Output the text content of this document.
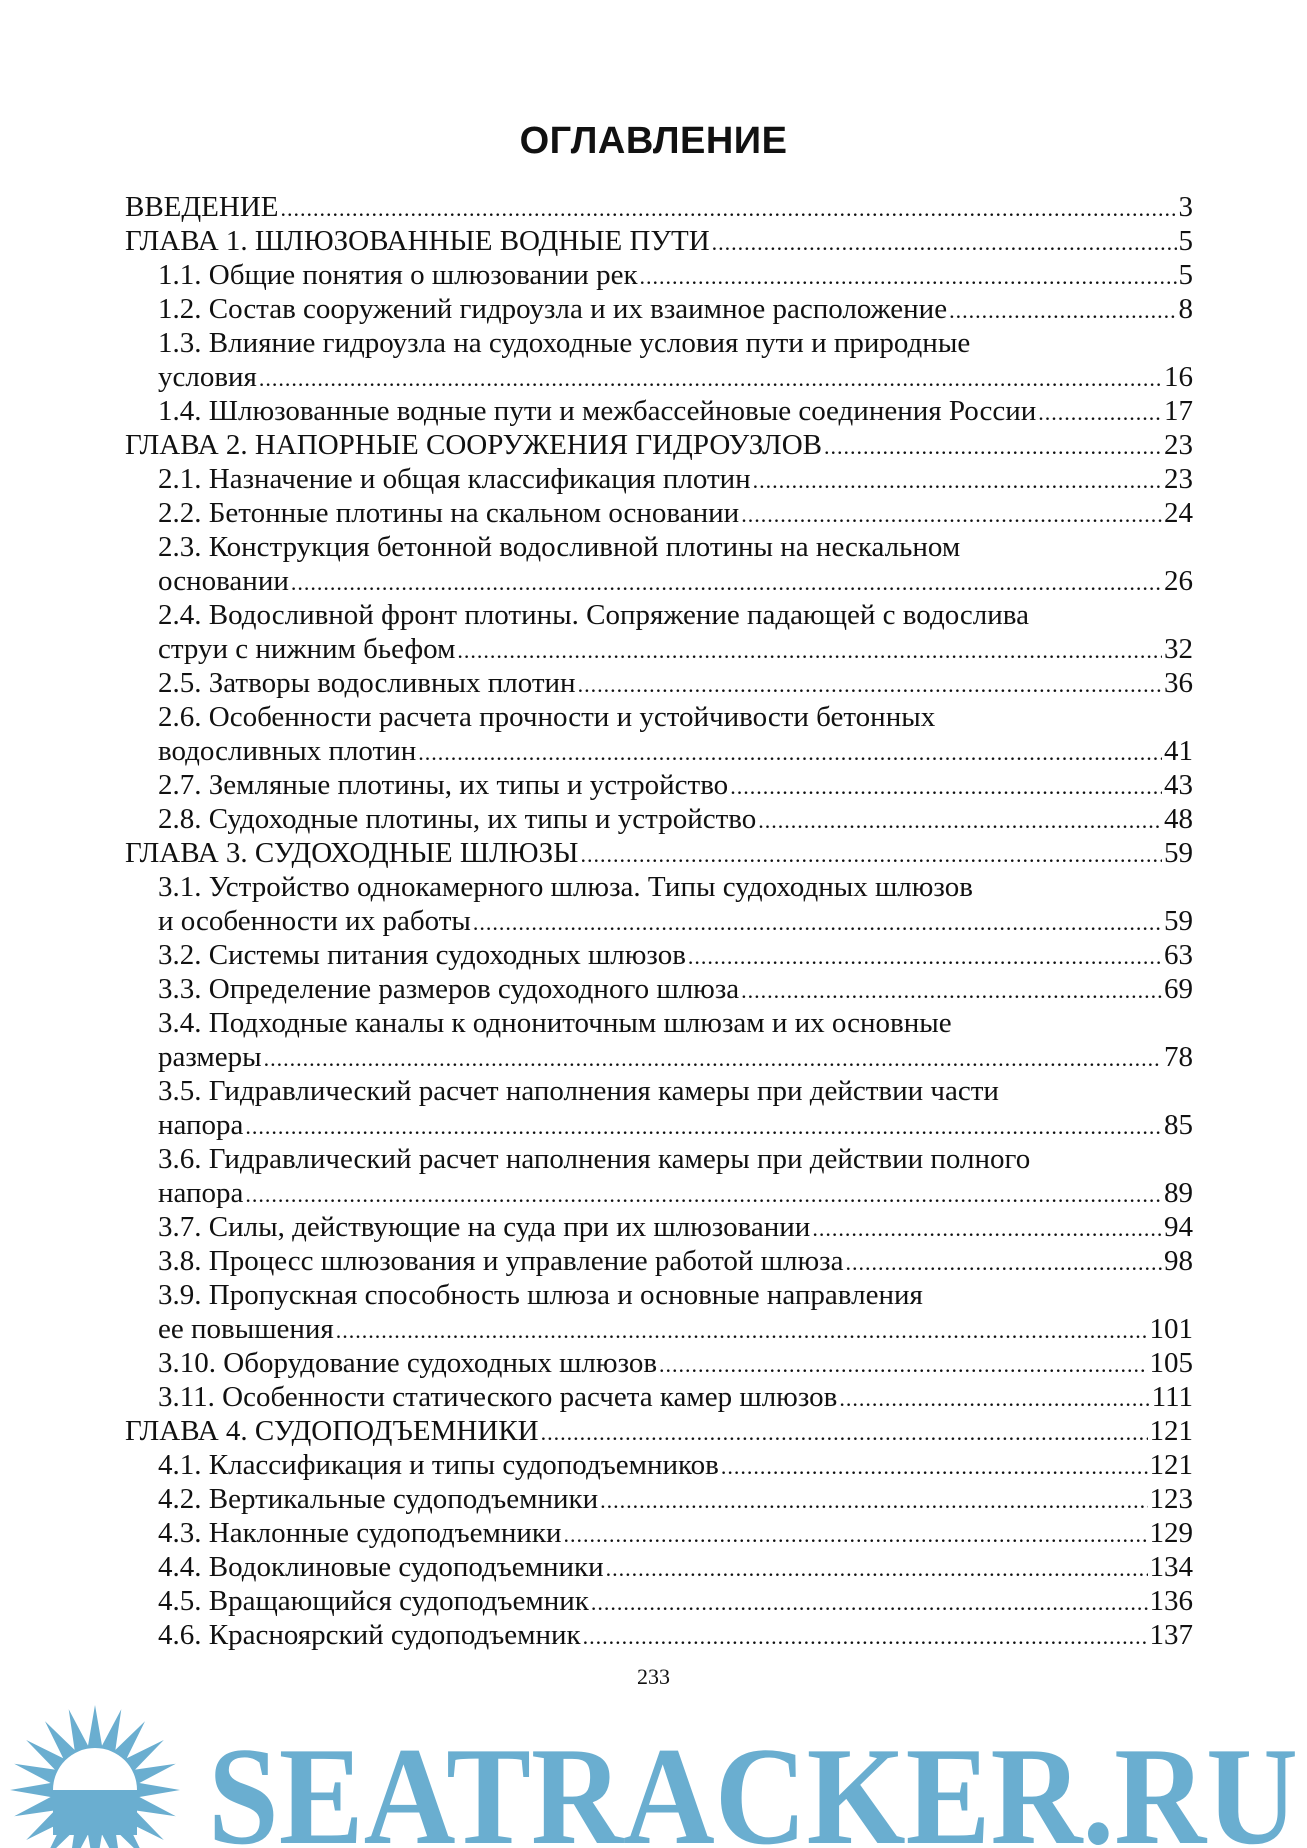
ОГЛАВЛЕНИЕ
ВВЕДЕНИЕ .....	3
ГЛАВА 1. ШЛЮЗОВАННЫЕ ВОДНЫЕ ПУТИ .....	5
1.1. Общие понятия о шлюзовании рек .....	5
1.2. Состав сооружений гидроузла и их взаимное расположение .....	8
1.3. Влияние гидроузла на судоходные условия пути и природные
условия .....	16
1.4. Шлюзованные водные пути и межбассейновые соединения России .....	17
ГЛАВА 2. НАПОРНЫЕ СООРУЖЕНИЯ ГИДРОУЗЛОВ .....	23
2.1. Назначение и общая классификация плотин .....	23
2.2. Бетонные плотины на скальном основании .....	24
2.3. Конструкция бетонной водосливной плотины на нескальном
основании .....	26
2.4. Водосливной фронт плотины. Сопряжение падающей с водослива
струи с нижним бьефом .....	32
2.5. Затворы водосливных плотин .....	36
2.6. Особенности расчета прочности и устойчивости бетонных
водосливных плотин .....	41
2.7. Земляные плотины, их типы и устройство .....	43
2.8. Судоходные плотины, их типы и устройство .....	48
ГЛАВА 3. СУДОХОДНЫЕ ШЛЮЗЫ .....	59
3.1. Устройство однокамерного шлюза. Типы судоходных шлюзов
и особенности их работы .....	59
3.2. Системы питания судоходных шлюзов .....	63
3.3. Определение размеров судоходного шлюза .....	69
3.4. Подходные каналы к однониточным шлюзам и их основные
размеры .....	78
3.5. Гидравлический расчет наполнения камеры при действии части
напора .....	85
3.6. Гидравлический расчет наполнения камеры при действии полного
напора .....	89
3.7. Силы, действующие на суда при их шлюзовании .....	94
3.8. Процесс шлюзования и управление работой шлюза .....	98
3.9. Пропускная способность шлюза и основные направления
ее повышения .....	101
3.10. Оборудование судоходных шлюзов .....	105
3.11. Особенности статического расчета камер шлюзов .....	111
ГЛАВА 4. СУДОПОДЪЕМНИКИ .....	121
4.1. Классификация и типы судоподъемников .....	121
4.2. Вертикальные судоподъемники .....	123
4.3. Наклонные судоподъемники .....	129
4.4. Водоклиновые судоподъемники .....	134
4.5. Вращающийся судоподъемник .....	136
4.6. Красноярский судоподъемник .....	137
233
SEATRACKER.RU
